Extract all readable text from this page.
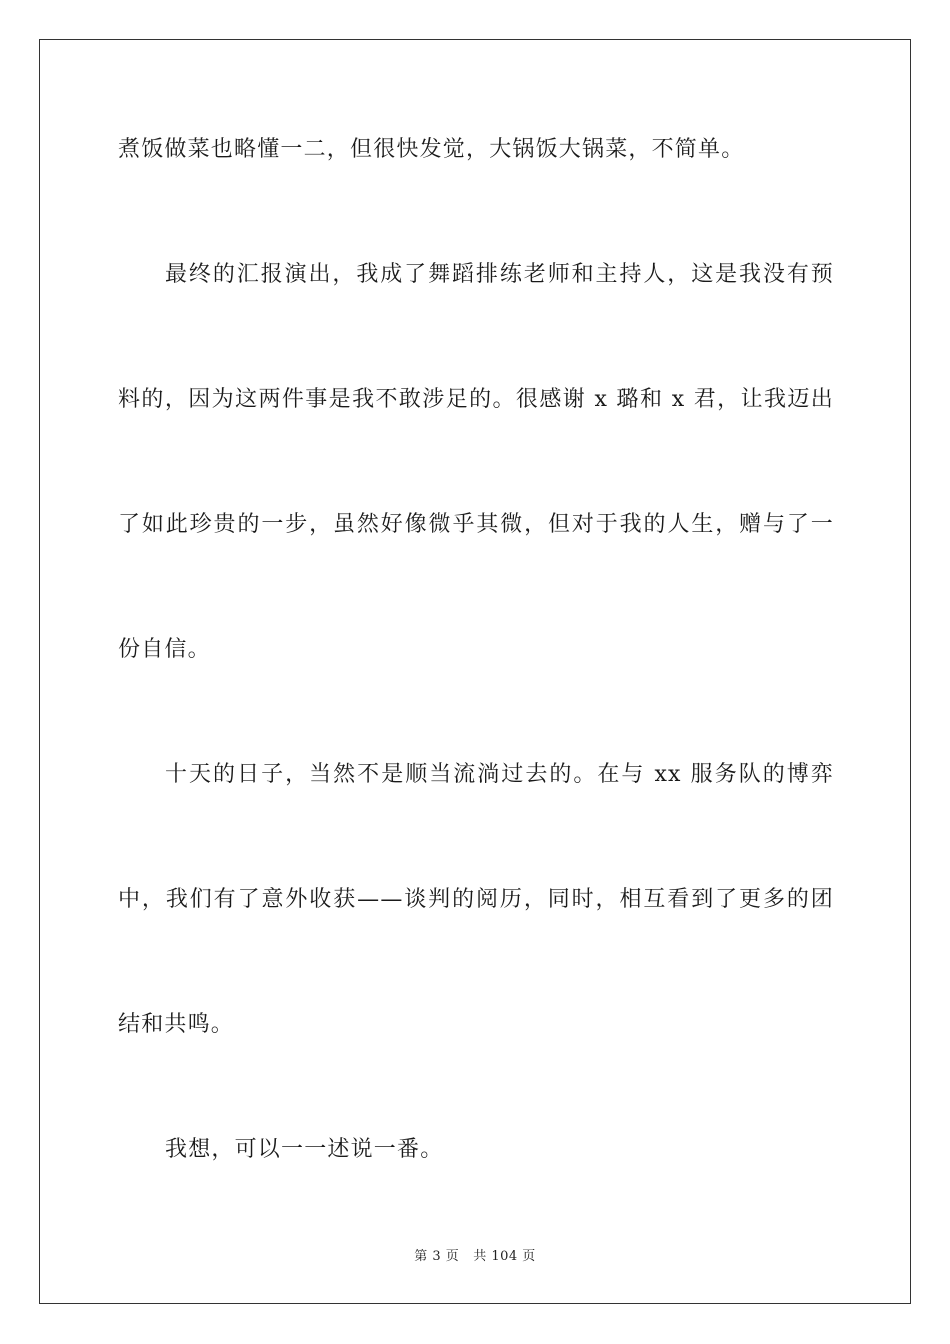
煮饭做菜也略懂一二，但很快发觉，大锅饭大锅菜，不简单。
最终的汇报演出，我成了舞蹈排练老师和主持人，这是我没有预
料的，因为这两件事是我不敢涉足的。很感谢 x 璐和 x 君，让我迈出
了如此珍贵的一步，虽然好像微乎其微，但对于我的人生，赠与了一
份自信。
十天的日子，当然不是顺当流淌过去的。在与 xx 服务队的博弈
中，我们有了意外收获——谈判的阅历，同时，相互看到了更多的团
结和共鸣。
我想，可以一一述说一番。
第 3 页 共 104 页
